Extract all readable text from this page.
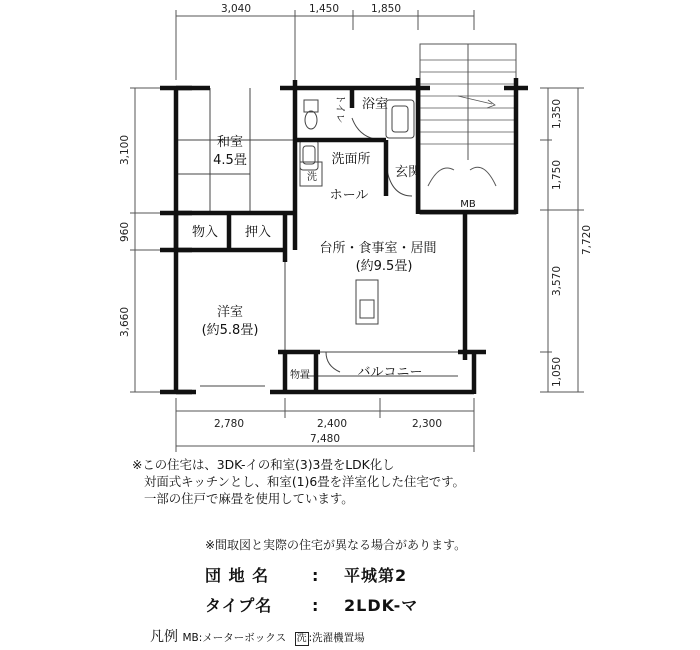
3,040	1,450	1,850
3,100
960
3,660
1,350
1,750
3,570
1,050
7,720
2,780	2,400	2,300
7,480
和室
4.5畳
トイレ 浴室
洗面所
洗	玄関
ホール
MB
物入 押入
台所・食事室・居間
(約9.5畳)
洋室
(約5.8畳)
物置	バルコニー
※この住宅は、3DK-イの和室(3)3畳をLDK化し
対面式キッチンとし、和室(1)6畳を洋室化した住宅です。
一部の住戸で麻畳を使用しています。
※間取図と実際の住宅が異なる場合があります。
団 地 名	: 平城第2
タイプ名 : 2LDK-マ
凡例 MB:メーターボックス 洗 :洗濯機置場
